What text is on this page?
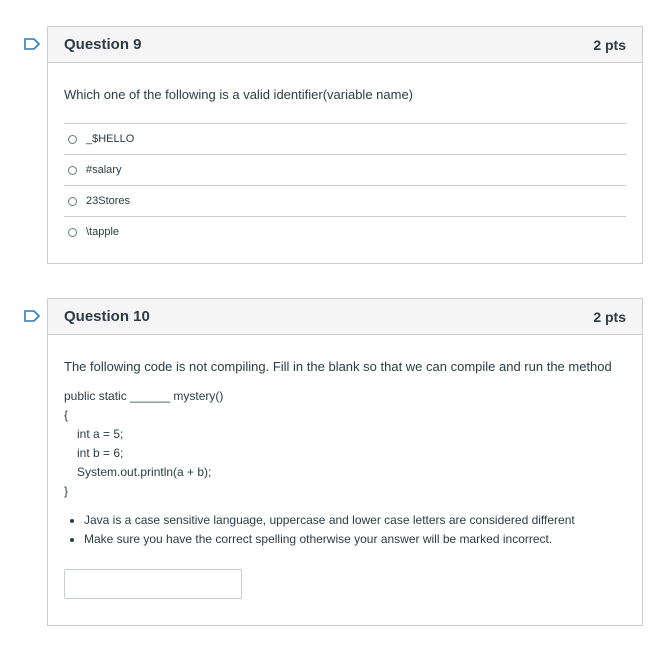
Question 9	2 pts
Which one of the following is a valid identifier(variable name)
_$HELLO
#salary
23Stores
\tapple
Question 10	2 pts
The following code is not compiling. Fill in the blank so that we can compile and run the method
public static ______ mystery()
{
int a = 5;
int b = 6;
System.out.println(a + b);
}
Java is a case sensitive language, uppercase and lower case letters are considered different
Make sure you have the correct spelling otherwise your answer will be marked incorrect.
